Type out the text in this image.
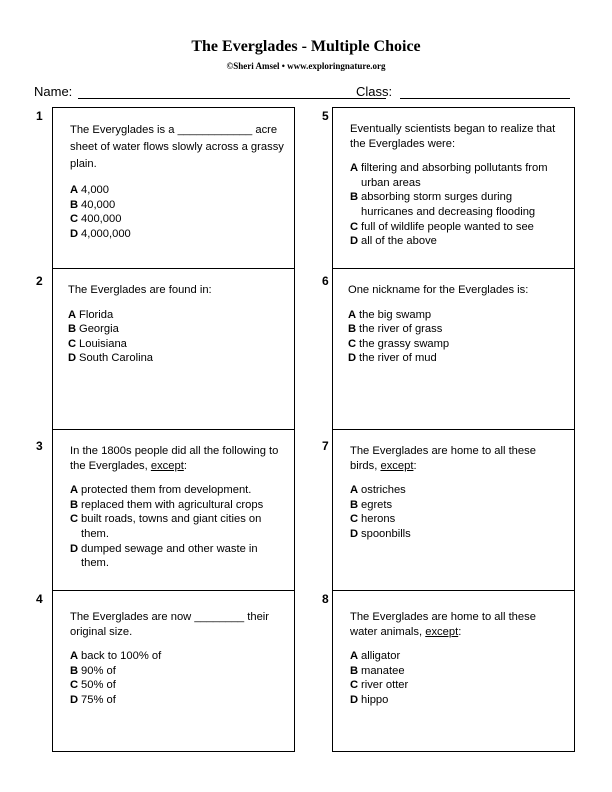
The Everglades - Multiple Choice
©Sheri Amsel • www.exploringnature.org
Name:	Class:
1
The Everyglades is a ____________ acre sheet of water flows slowly across a grassy plain.
A 4,000
B 40,000
C 400,000
D 4,000,000
2
The Everglades are found in:
A Florida
B Georgia
C Louisiana
D South Carolina
3 In the 1800s people did all the following to the Everglades, except:
A protected them from development.
B replaced them with agricultural crops
C built roads, towns and giant cities on them.
D dumped sewage and other waste in them.
4
The Everglades are now ________ their original size.
A back to 100% of
B 90% of
C 50% of
D 75% of
5
Eventually scientists began to realize that the Everglades were:
A filtering and absorbing pollutants from urban areas
B absorbing storm surges during hurricanes and decreasing flooding
C full of wildlife people wanted to see
D all of the above
6
One nickname for the Everglades is:
A the big swamp
B the river of grass
C the grassy swamp
D the river of mud
7 The Everglades are home to all these birds, except:
A ostriches
B egrets
C herons
D spoonbills
8
The Everglades are home to all these water animals, except:
A alligator
B manatee
C river otter
D hippo
